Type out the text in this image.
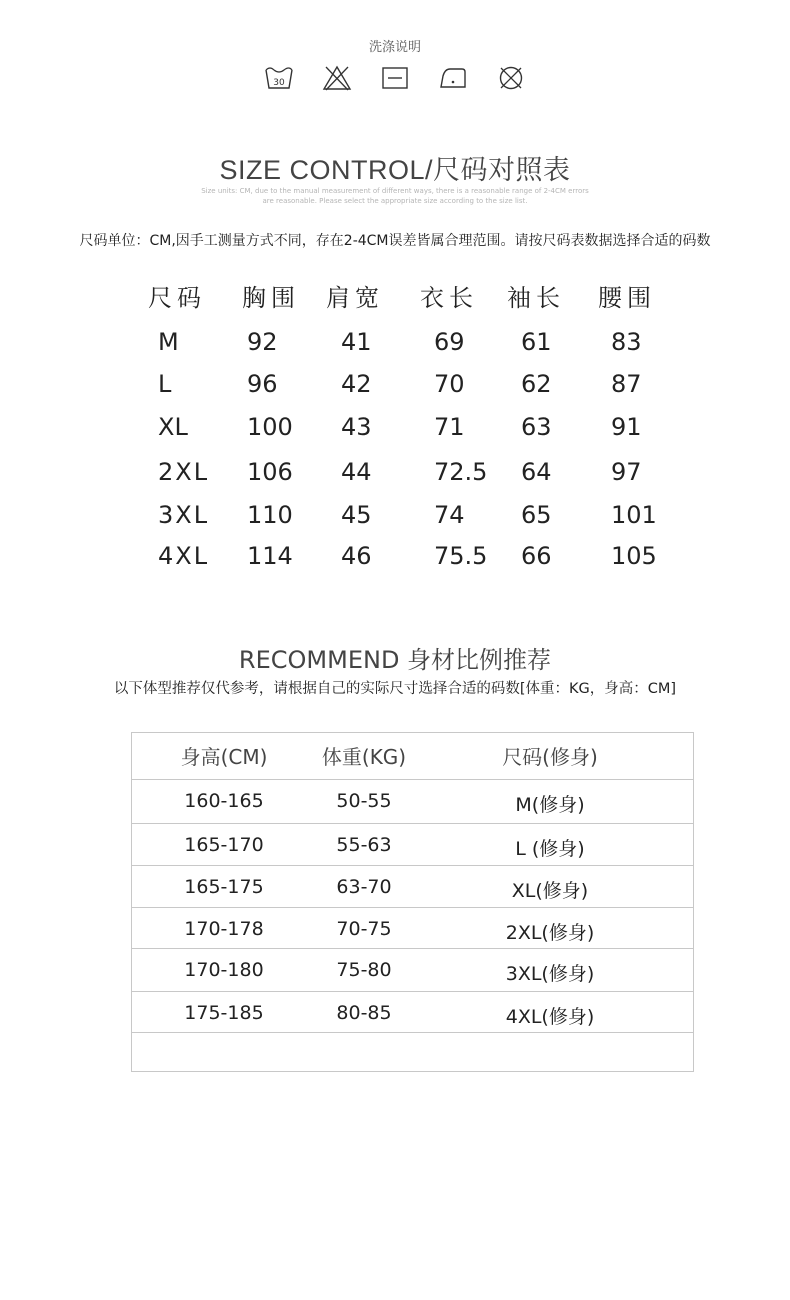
洗涤说明
30
SIZE CONTROL/尺码对照表
Size units: CM, due to the manual measurement of different ways, there is a reasonable range of 2-4CM errors
are reasonable. Please select the appropriate size according to the size list.
尺码单位：CM,因手工测量方式不同，存在2-4CM误差皆属合理范围。请按尺码表数据选择合适的码数
尺码 胸围 肩宽 衣长 袖长 腰围
M	92	41	69 61 83
L	96	42	70 62 87
XL 100 43	71 63 91
2XL 106 44	72.5 64 97
3XL 110 45	74 65 101
4XL 114 46	75.5 66 105
RECOMMEND 身材比例推荐
以下体型推荐仅代参考，请根据自己的实际尺寸选择合适的码数[体重：KG，身高：CM]
身高(CM)	体重(KG)	尺码(修身)
160-165	50-55	M(修身)
165-170	55-63	L (修身)
165-175	63-70	XL(修身)
170-178	70-75	2XL(修身)
170-180	75-80	3XL(修身)
175-185	80-85	4XL(修身)
